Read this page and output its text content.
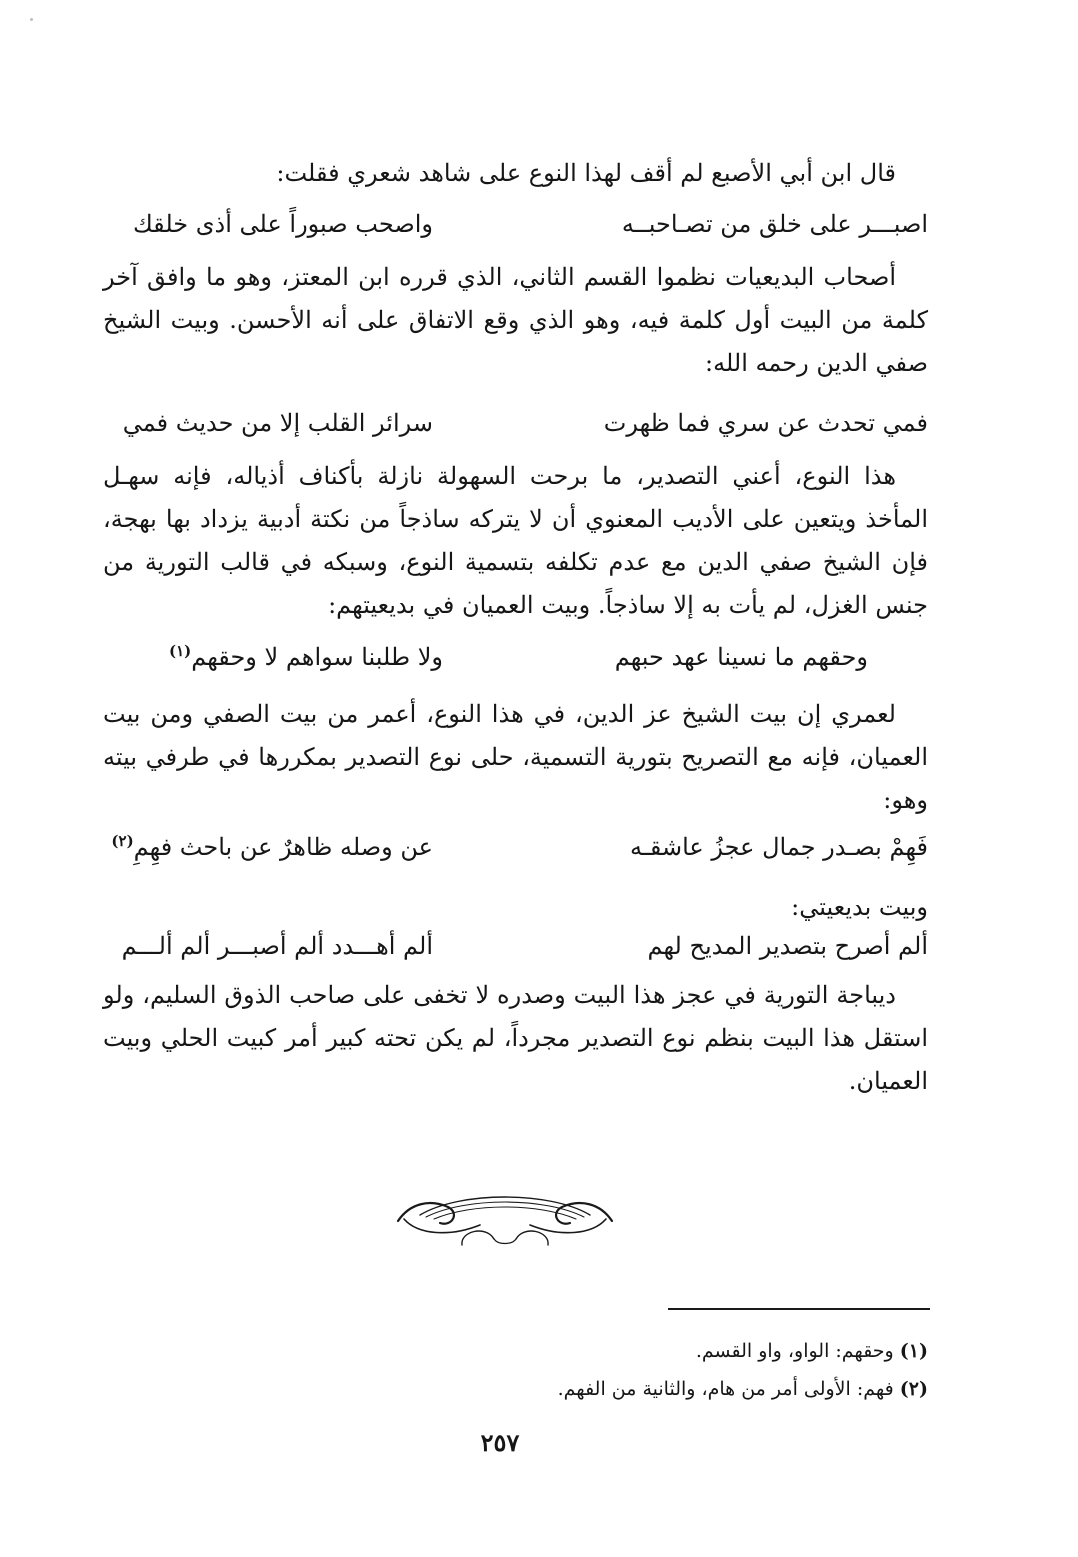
قال ابن أبي الأصبع لم أقف لهذا النوع على شاهد شعري فقلت:

اصبـــر على خلق من تصـاحبــه
واصحب صبوراً على أذى خلقك

أصحاب البديعيات نظموا القسم الثاني، الذي قرره ابن المعتز، وهو ما وافق آخر كلمة من البيت أول كلمة فيه، وهو الذي وقع الاتفاق على أنه الأحسن. وبيت الشيخ صفي الدين رحمه الله:

فمي تحدث عن سري فما ظهرت
سرائر القلب إلا من حديث فمي

هذا النوع، أعني التصدير، ما برحت السهولة نازلة بأكناف أذياله، فإنه سهـل المأخذ ويتعين على الأديب المعنوي أن لا يتركه ساذجاً من نكتة أدبية يزداد بها بهجة، فإن الشيخ صفي الدين مع عدم تكلفه بتسمية النوع، وسبكه في قالب التورية من جنس الغزل، لم يأت به إلا ساذجاً. وبيت العميان في بديعيتهم:

وحقهم ما نسينا عهد حبهم
ولا طلبنا سواهم لا وحقهم$^{(١)}$

لعمري إن بيت الشيخ عز الدين، في هذا النوع، أعمر من بيت الصفي ومن بيت العميان، فإنه مع التصريح بتورية التسمية، حلى نوع التصدير بمكررها في طرفي بيته وهو:

فَهِمْ بصـدر جمال عجزُ عاشقـه
عن وصله ظاهرٌ عن باحث فهِمِ$^{(٢)}$

وبيت بديعيتي:

ألم أصرح بتصدير المديح لهم
ألم أهـــدد ألم أصبـــر ألم ألـــم

ديباجة التورية في عجز هذا البيت وصدره لا تخفى على صاحب الذوق السليم، ولو استقل هذا البيت بنظم نوع التصدير مجرداً، لم يكن تحته كبير أمر كبيت الحلي وبيت العميان.

(١) وحقهم: الواو، واو القسم.
(٢) فهم: الأولى أمر من هام، والثانية من الفهم.
٢٥٧
